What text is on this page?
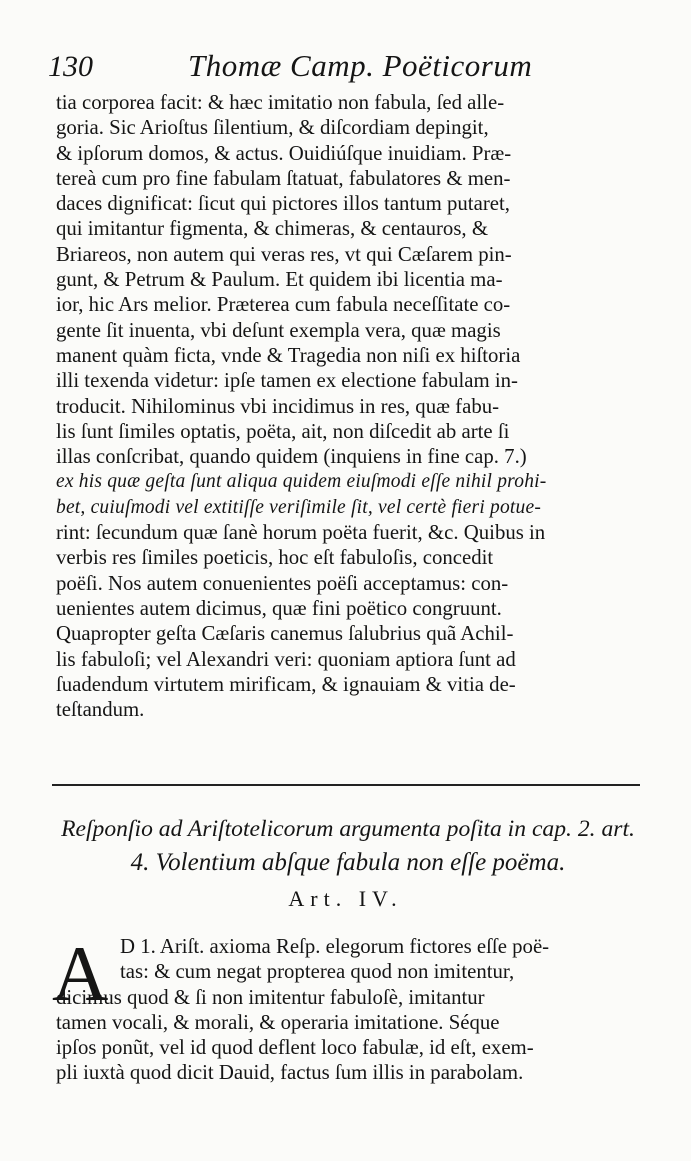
130	Thomæ Camp. Poëticorum
tia corporea facit: & hæc imitatio non fabula, ſed alle-
goria. Sic Arioſtus ſilentium, & diſcordiam depingit,
& ipſorum domos, & actus. Ouidiúſque inuidiam. Præ-
tereà cum pro fine fabulam ſtatuat, fabulatores & men-
daces dignificat: ſicut qui pictores illos tantum putaret,
qui imitantur figmenta, & chimeras, & centauros, &
Briareos, non autem qui veras res, vt qui Cæſarem pin-
gunt, & Petrum & Paulum. Et quidem ibi licentia ma-
ior, hic Ars melior. Præterea cum fabula neceſſitate co-
gente ſit inuenta, vbi deſunt exempla vera, quæ magis
manent quàm ficta, vnde & Tragedia non niſi ex hiſtoria
illi texenda videtur: ipſe tamen ex electione fabulam in-
troducit. Nihilominus vbi incidimus in res, quæ fabu-
lis ſunt ſimiles optatis, poëta, ait, non diſcedit ab arte ſi
illas conſcribat, quando quidem (inquiens in fine cap. 7.)
ex his quæ geſta ſunt aliqua quidem eiuſmodi eſſe nihil prohi-
bet, cuiuſmodi vel extitiſſe veriſimile ſit, vel certè fieri potue-
rint: ſecundum quæ ſanè horum poëta fuerit, &c. Quibus in
verbis res ſimiles poeticis, hoc eſt fabuloſis, concedit
poëſi. Nos autem conuenientes poëſi acceptamus: con-
uenientes autem dicimus, quæ fini poëtico congruunt.
Quapropter geſta Cæſaris canemus ſalubrius quã Achil-
lis fabuloſi; vel Alexandri veri: quoniam aptiora ſunt ad
ſuadendum virtutem mirificam, & ignauiam & vitia de-
teſtandum.
Reſponſio ad Ariſtotelicorum argumenta poſita in cap. 2. art.
4. Volentium abſque fabula non eſſe poëma.
Art. IV.
A D 1. Ariſt. axioma Reſp. elegorum fictores eſſe poë-
tas: & cum negat propterea quod non imitentur,
dicimus quod & ſi non imitentur fabuloſè, imitantur
tamen vocali, & morali, & operaria imitatione. Séque
ipſos ponũt, vel id quod deflent loco fabulæ, id eſt, exem-
pli iuxtà quod dicit Dauid, factus ſum illis in parabolam.
